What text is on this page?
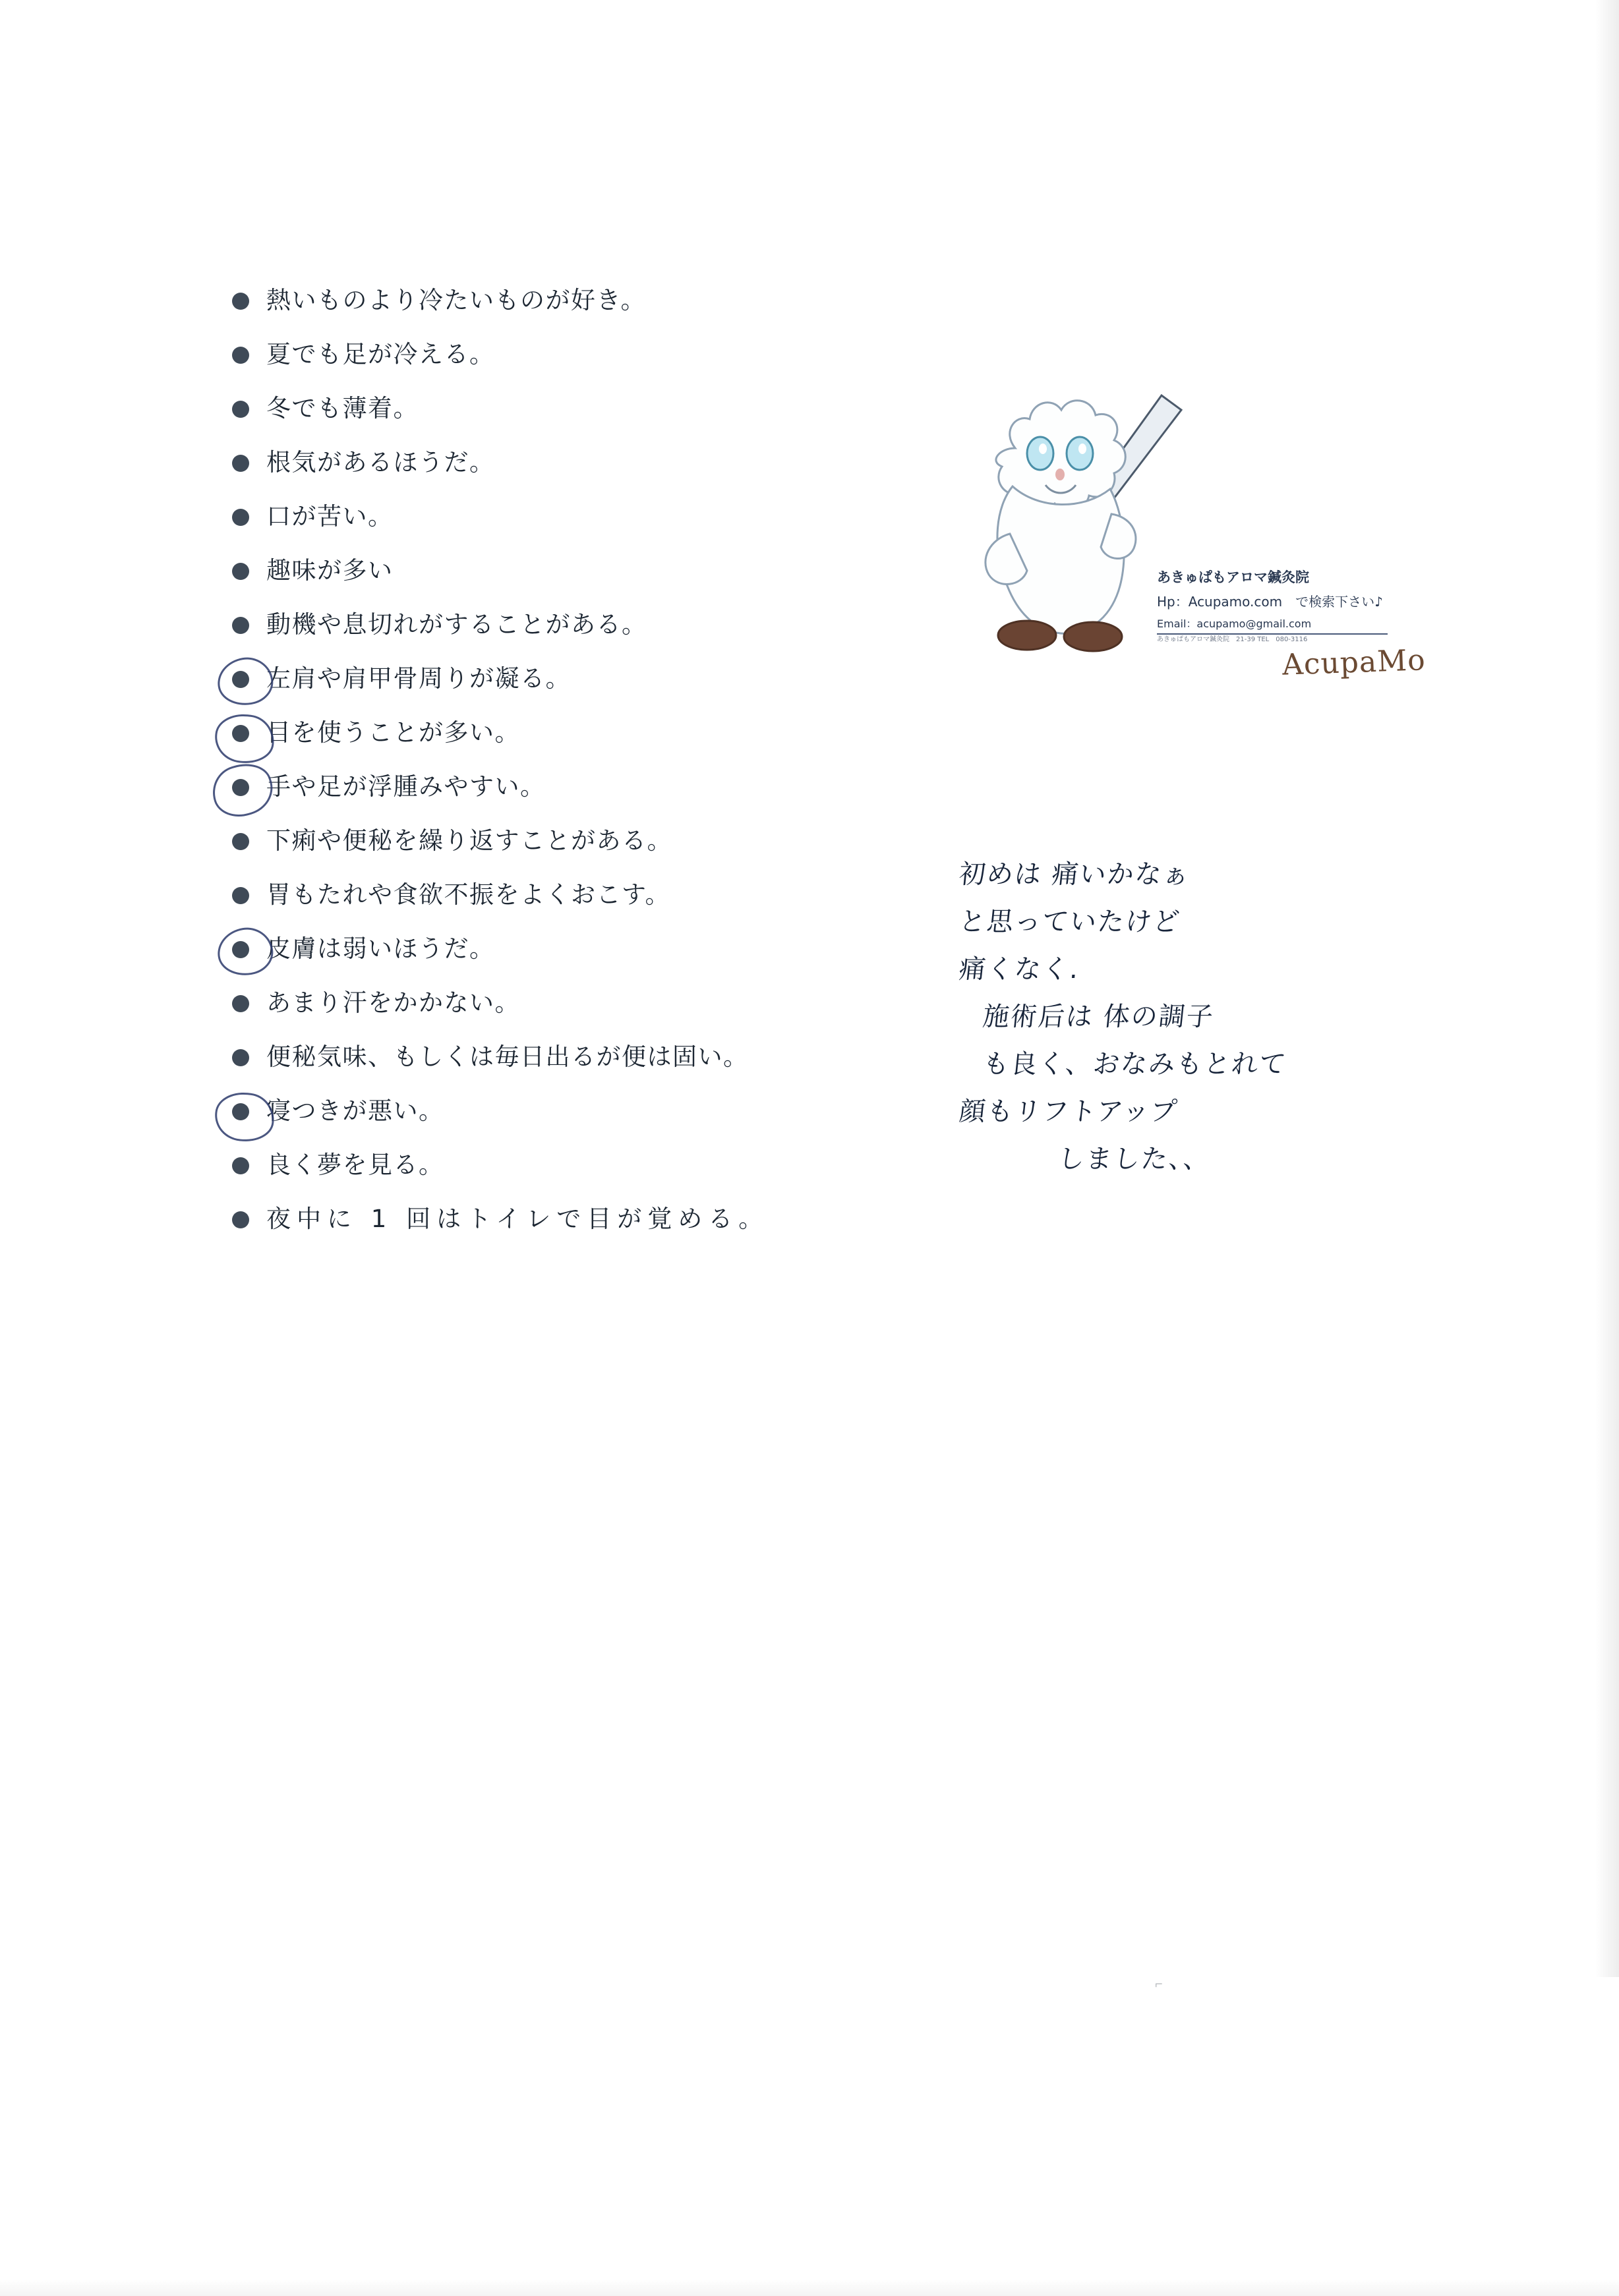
あきゅぱもアロマ鍼灸院
Hp：Acupamo.com　で検索下さい♪
Email：acupamo@gmail.com
あきゅぱもアロマ鍼灸院　21-39 TEL　080-3116
AcupaMo
熱いものより冷たいものが好き。
夏でも足が冷える。
冬でも薄着。
根気があるほうだ。
口が苦い。
趣味が多い
動機や息切れがすることがある。
左肩や肩甲骨周りが凝る。
目を使うことが多い。
手や足が浮腫みやすい。
下痢や便秘を繰り返すことがある。
胃もたれや食欲不振をよくおこす。
皮膚は弱いほうだ。
あまり汗をかかない。
便秘気味、もしくは毎日出るが便は固い。
寝つきが悪い。
良く夢を見る。
夜中に 1 回はトイレで目が覚める。
初めは 痛いかなぁ
と思っていたけど
痛くなく.
施術后は 体の調子
も良く、おなみもとれて
顔もリフトアップ
しました、、
⌐
